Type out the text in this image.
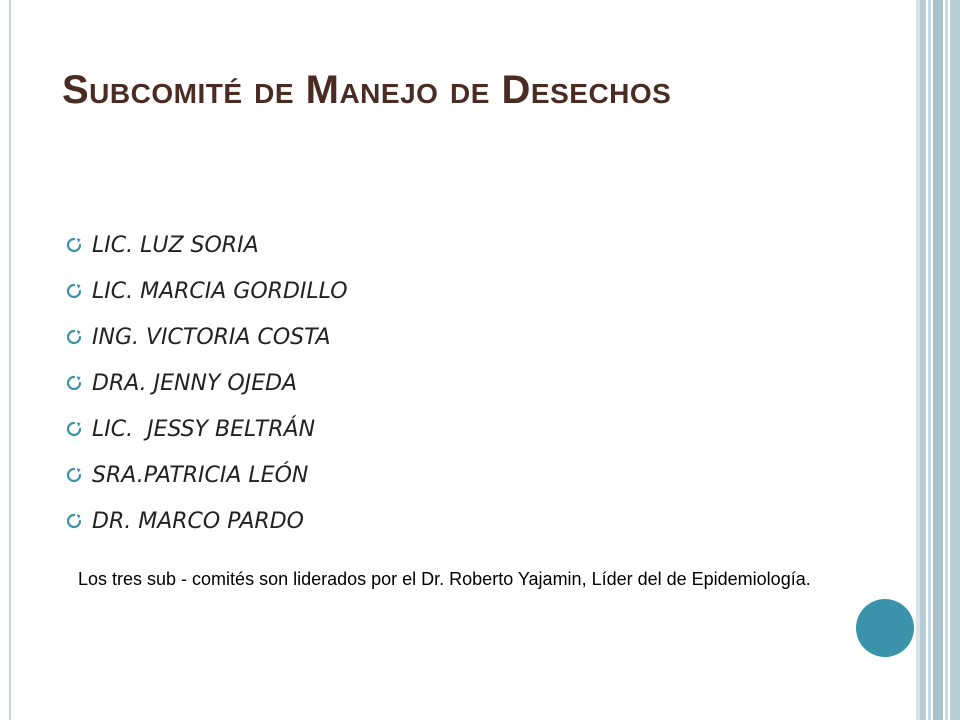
Subcomité de Manejo de Desechos
LIC. LUZ SORIA
LIC. MARCIA GORDILLO
ING. VICTORIA COSTA
DRA. JENNY OJEDA
LIC.  JESSY BELTRÁN
SRA.PATRICIA LEÓN
DR. MARCO PARDO

Los tres sub - comités son liderados por el Dr. Roberto Yajamin, Líder del de Epidemiología.
